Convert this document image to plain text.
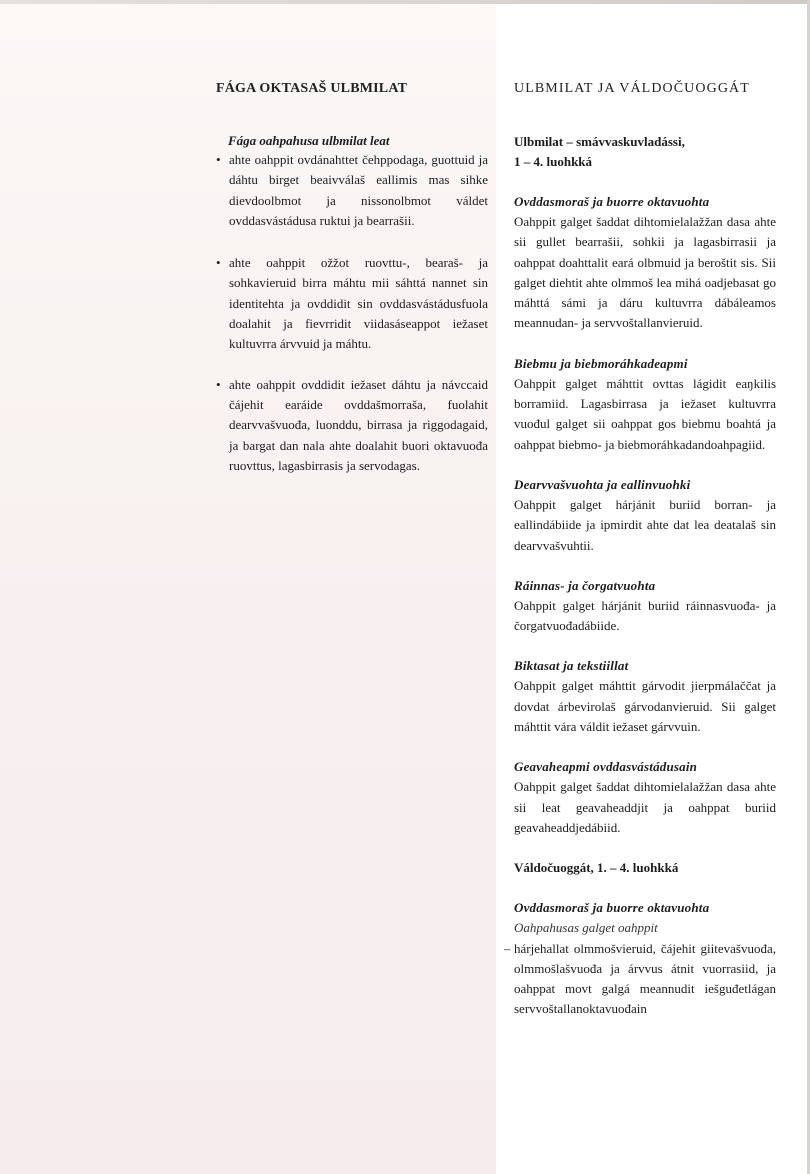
FÁGA OKTASAŠ ULBMILAT
Fága oahpahusa ulbmilat leat
• ahte oahppit ovdánahttet čehppodaga, guottuid ja dáhtu birget beaivválaš eallimis mas sihke dievdoolbmot ja nissonolbmot váldet ovddasvástádusa ruktui ja bearrašii.
• ahte oahppit ožžot ruovttu-, bearaš- ja sohkavieruid birra máhtu mii sáhttá nannet sin identitehta ja ovddidit sin ovddasvástádusfuola doalahit ja fievrridit viidasáseappot iežaset kultuvrra árvvuid ja máhtu.
• ahte oahppit ovddidit iežaset dáhtu ja návccaid čájehit earáide ovddašmorraša, fuolahit dearvvašvuođa, luonddu, birrasa ja riggodagaid, ja bargat dan nala ahte doalahit buori oktavuođa ruovttus, lagasbirrasis ja servodagas.
ULBMILAT JA VÁLDOČUOGGÁT
Ulbmilat – smávvaskuvladássi,
1 – 4. luohkká
Ovddasmoraš ja buorre oktavuohta
Oahppit galget šaddat dihtomielalažžan dasa ahte sii gullet bearrašii, sohkii ja lagasbirrasii ja oahppat doahttalit eará olbmuid ja beroštit sis. Sii galget diehtit ahte olmmoš lea mihá oadjebasat go máhttá sámi ja dáru kultuvrra dábáleamos meannudan- ja servvoštallanvieruid.
Biebmu ja biebmoráhkadeapmi
Oahppit galget máhttit ovttas lágidit eaŋkilis borramiid. Lagasbirrasa ja iežaset kultuvrra vuođul galget sii oahppat gos biebmu boahtá ja oahppat biebmo- ja biebmoráhkadandoahpagiid.
Dearvvašvuohta ja eallinvuohki
Oahppit galget hárjánit buriid borran- ja eallindábiide ja ipmirdit ahte dat lea deatalaš sin dearvvašvuhtii.
Ráinnas- ja čorgatvuohta
Oahppit galget hárjánit buriid ráinnasvuođa- ja čorgatvuođadábiide.
Biktasat ja tekstiillat
Oahppit galget máhttit gárvodit jierpmálaččat ja dovdat árbevirolaš gárvodanvieruid. Sii galget máhttit vára váldit iežaset gárvvuin.
Geavaheapmi ovddasvástádusain
Oahppit galget šaddat dihtomielalažžan dasa ahte sii leat geavaheaddjit ja oahppat buriid geavaheaddjedábiid.
Váldočuoggát, 1. – 4. luohkká
Ovddasmoraš ja buorre oktavuohta
Oahpahusas galget oahppit
– hárjehallat olmmošvieruid, čájehit giitevašvuođa, olmmošlašvuođa ja árvvus átnit vuorrasiid, ja oahppat movt galgá meannudit iešguđetlágan servvoštallanoktavuođain
